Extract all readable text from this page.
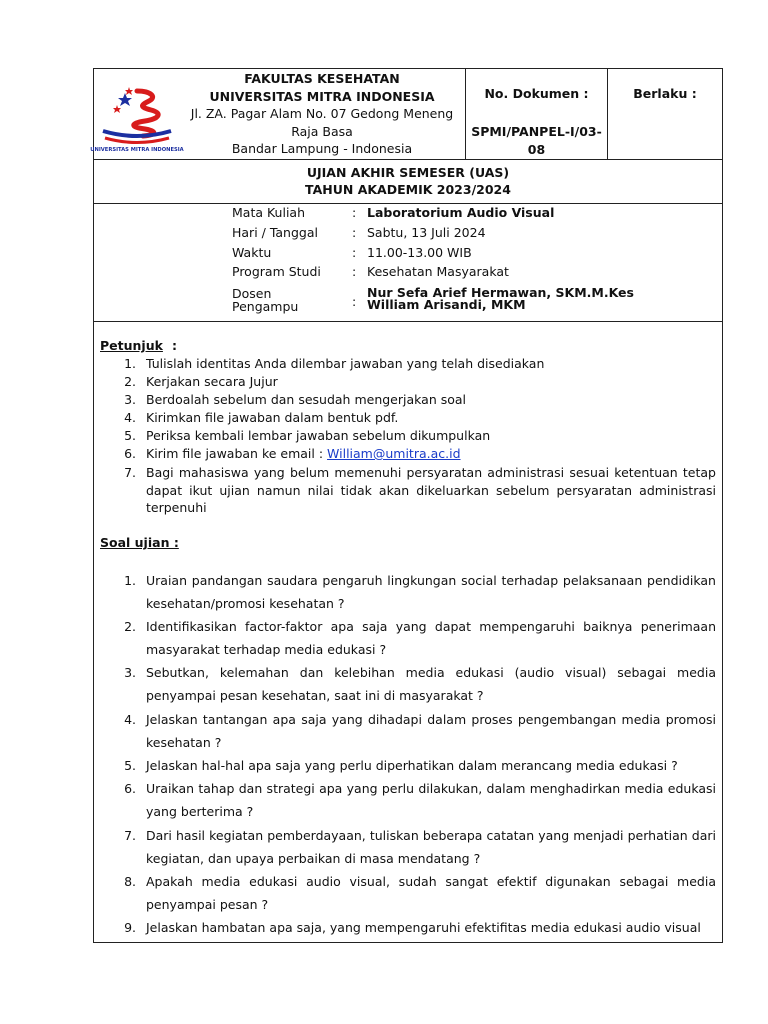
UNIVERSITAS MITRA INDONESIA
FAKULTAS KESEHATAN
UNIVERSITAS MITRA INDONESIA
Jl. ZA. Pagar Alam No. 07 Gedong Meneng
Raja Basa
Bandar Lampung - Indonesia
No. Dokumen :
SPMI/PANPEL-I/03-
08
Berlaku :
UJIAN AKHIR SEMESER (UAS)
TAHUN AKADEMIK 2023/2024
Mata Kuliah	: Laboratorium Audio Visual
Hari / Tanggal	: Sabtu, 13 Juli 2024
Waktu	: 11.00-13.00 WIB
Program Studi	: Kesehatan Masyarakat
Dosen
Pengampu	:
Nur Sefa Arief Hermawan, SKM.M.Kes
William Arisandi, MKM
Petunjuk :
1. Tulislah identitas Anda dilembar jawaban yang telah disediakan
2. Kerjakan secara Jujur
3. Berdoalah sebelum dan sesudah mengerjakan soal
4. Kirimkan file jawaban dalam bentuk pdf.
5. Periksa kembali lembar jawaban sebelum dikumpulkan
6. Kirim file jawaban ke email : William@umitra.ac.id
7. Bagi mahasiswa yang belum memenuhi persyaratan administrasi sesuai ketentuan tetap dapat ikut ujian namun nilai tidak akan dikeluarkan sebelum persyaratan administrasi terpenuhi
Soal ujian :
1. Uraian pandangan saudara pengaruh lingkungan social terhadap pelaksanaan pendidikan kesehatan/promosi kesehatan ?
2. Identifikasikan factor-faktor apa saja yang dapat mempengaruhi baiknya penerimaan masyarakat terhadap media edukasi ?
3. Sebutkan, kelemahan dan kelebihan media edukasi (audio visual) sebagai media penyampai pesan kesehatan, saat ini di masyarakat ?
4. Jelaskan tantangan apa saja yang dihadapi dalam proses pengembangan media promosi kesehatan ?
5. Jelaskan hal-hal apa saja yang perlu diperhatikan dalam merancang media edukasi ?
6. Uraikan tahap dan strategi apa yang perlu dilakukan, dalam menghadirkan media edukasi yang berterima ?
7. Dari hasil kegiatan pemberdayaan, tuliskan beberapa catatan yang menjadi perhatian dari kegiatan, dan upaya perbaikan di masa mendatang ?
8. Apakah media edukasi audio visual, sudah sangat efektif digunakan sebagai media penyampai pesan ?
9. Jelaskan hambatan apa saja, yang mempengaruhi efektifitas media edukasi audio visual
